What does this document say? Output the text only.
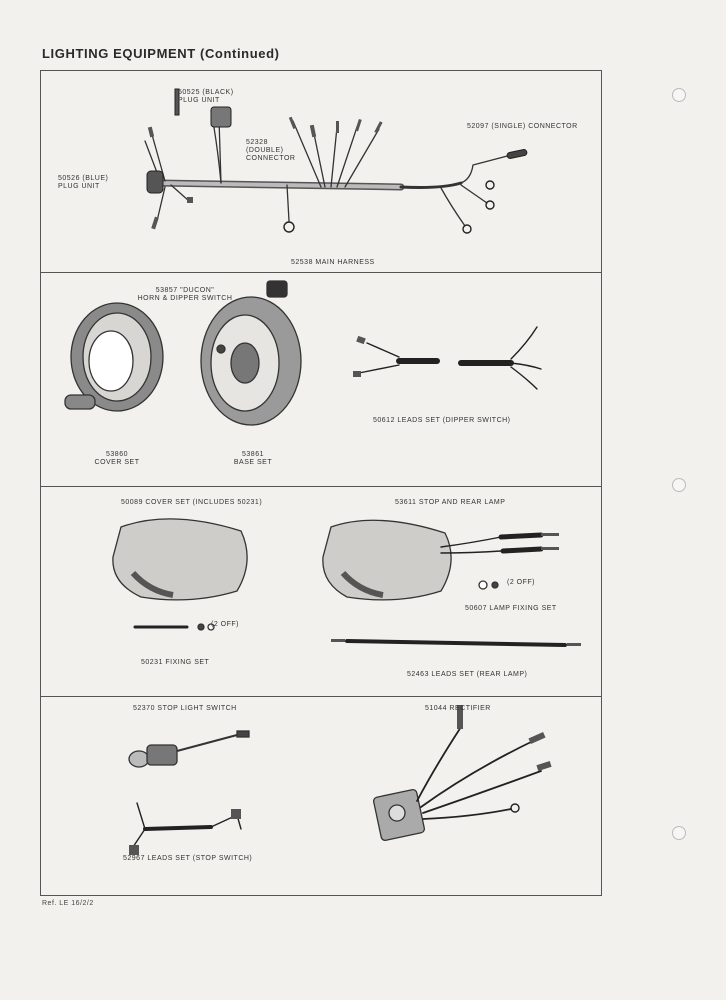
LIGHTING EQUIPMENT (Continued)
50525 (BLACK)
PLUG UNIT
52328
(DOUBLE)
CONNECTOR
52097 (SINGLE) CONNECTOR
50526 (BLUE)
PLUG UNIT
52538 MAIN HARNESS
53857 "DUCON"
HORN & DIPPER SWITCH
53860
COVER SET
53861
BASE SET
50612 LEADS SET (DIPPER SWITCH)
50089 COVER SET (INCLUDES 50231)	53611 STOP AND REAR LAMP
(2 OFF)
50607 LAMP FIXING SET
(2 OFF)
50231 FIXING SET
52463 LEADS SET (REAR LAMP)
52370 STOP LIGHT SWITCH	51044 RECTIFIER
52967 LEADS SET (STOP SWITCH)
Ref. LE 16/2/2
